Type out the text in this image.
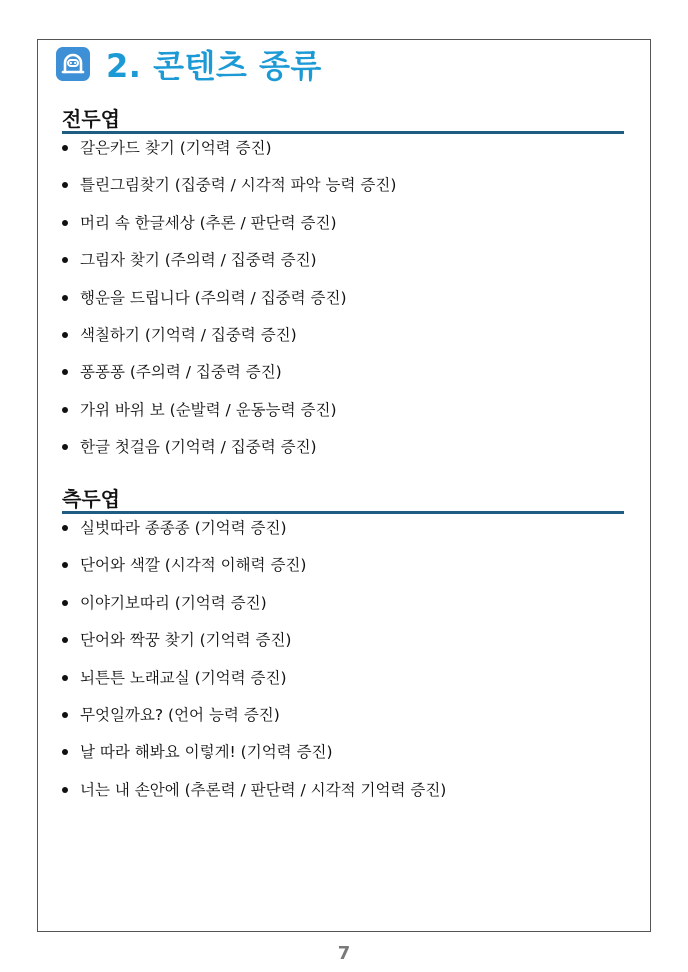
2. 콘텐츠 종류
전두엽
갈은카드 찾기 (기억력 증진)
틀린그림찾기 (집중력 / 시각적 파악 능력 증진)
머리 속 한글세상 (추론 / 판단력 증진)
그림자 찾기 (주의력 / 집중력 증진)
행운을 드립니다 (주의력 / 집중력 증진)
색칠하기 (기억력 / 집중력 증진)
퐁퐁퐁 (주의력 / 집중력 증진)
가위 바위 보 (순발력 / 운동능력 증진)
한글 첫걸음 (기억력 / 집중력 증진)
측두엽
실벗따라 종종종 (기억력 증진)
단어와 색깔 (시각적 이해력 증진)
이야기보따리 (기억력 증진)
단어와 짝꿍 찾기 (기억력 증진)
뇌튼튼 노래교실 (기억력 증진)
무엇일까요? (언어 능력 증진)
날 따라 해봐요 이렇게! (기억력 증진)
너는 내 손안에 (추론력 / 판단력 / 시각적 기억력 증진)
7
